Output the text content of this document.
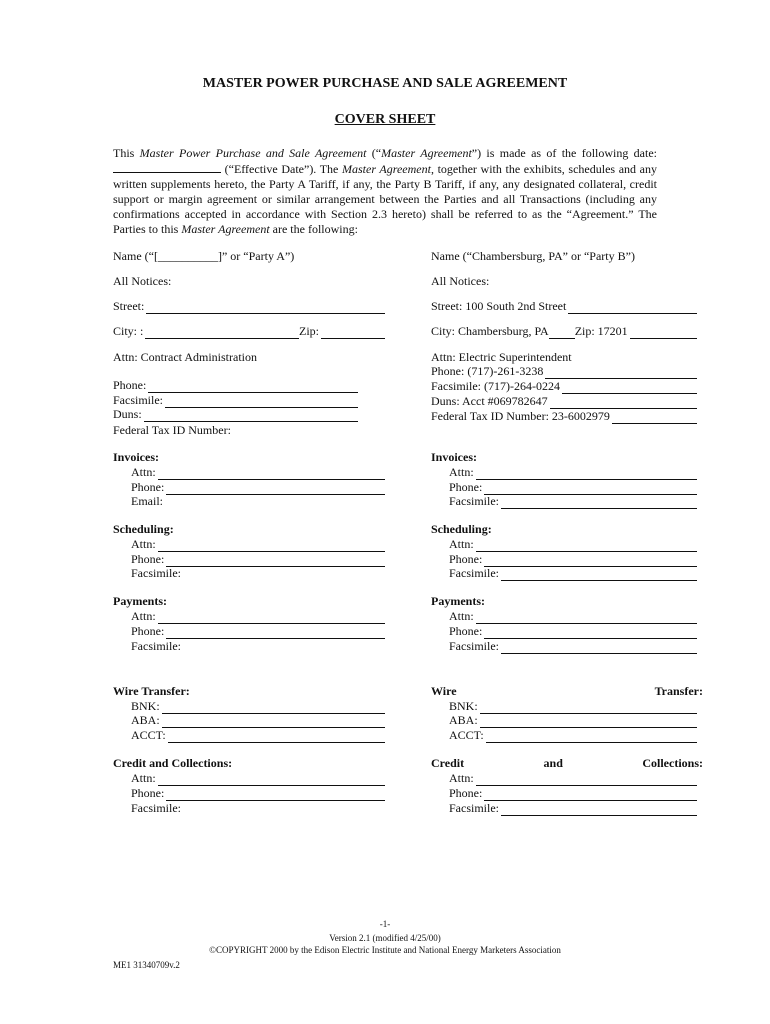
MASTER POWER PURCHASE AND SALE AGREEMENT
COVER SHEET
This Master Power Purchase and Sale Agreement (“Master Agreement”) is made as of the following date:  (“Effective Date”). The Master Agreement, together with the exhibits, schedules and any written supplements hereto, the Party A Tariff, if any, the Party B Tariff, if any, any designated collateral, credit support or margin agreement or similar arrangement between the Parties and all Transactions (including any confirmations accepted in accordance with Section 2.3 hereto) shall be referred to as the “Agreement.” The Parties to this Master Agreement are the following:
Name (“[__________]” or “Party A”)
All Notices:
Street:
City: :	Zip:
Attn: Contract Administration
Phone:
Facsimile:
Duns:
Federal Tax ID Number:
Invoices:
Attn:
Phone:
Email:
Scheduling:
Attn:
Phone:
Facsimile:
Payments:
Attn:
Phone:
Facsimile:
Wire Transfer:
BNK:
ABA:
ACCT:
Credit and Collections:
Attn:
Phone:
Facsimile:
Name (“Chambersburg, PA” or “Party B”)
All Notices:
Street: 100 South 2nd Street
City: Chambersburg, PA Zip: 17201
Attn: Electric Superintendent
Phone: (717)-261-3238
Facsimile: (717)-264-0224
Duns: Acct #069782647
Federal Tax ID Number: 23-6002979
Invoices:
Attn:
Phone:
Facsimile:
Scheduling:
Attn:
Phone:
Facsimile:
Payments:
Attn:
Phone:
Facsimile:
Wire	Transfer:
BNK:
ABA:
ACCT:
Credit	and	Collections:
Attn:
Phone:
Facsimile:
-1-
Version 2.1 (modified 4/25/00)
©COPYRIGHT 2000 by the Edison Electric Institute and National Energy Marketers Association
ME1 31340709v.2
